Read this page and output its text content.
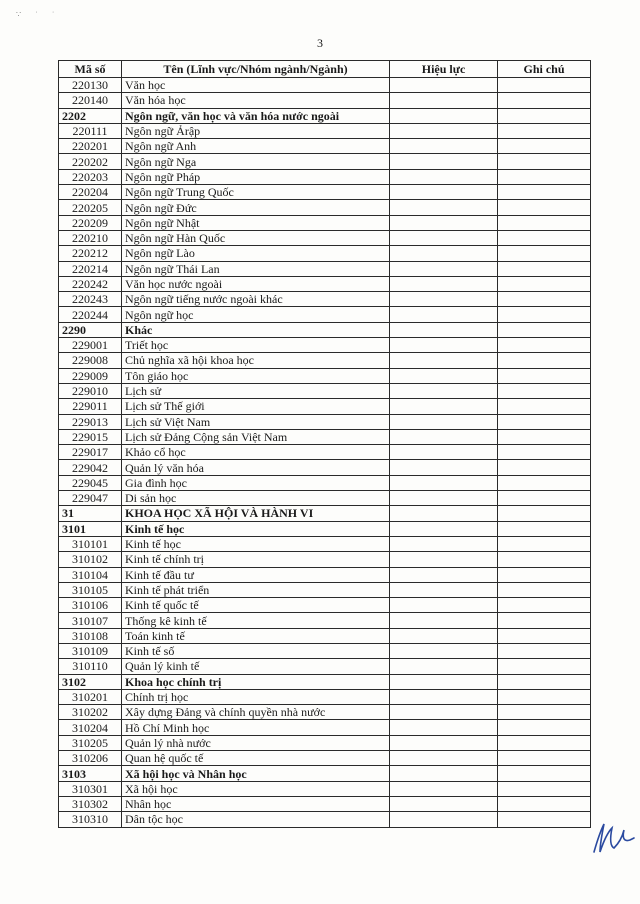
∵ ˙ ˙
3
Mã số	Tên (Lĩnh vực/Nhóm ngành/Ngành)	Hiệu lực	Ghi chú
220130	Văn học		
220140	Văn hóa học		
2202	Ngôn ngữ, văn học và văn hóa nước ngoài		
220111	Ngôn ngữ Ảrập		
220201	Ngôn ngữ Anh		
220202	Ngôn ngữ Nga		
220203	Ngôn ngữ Pháp		
220204	Ngôn ngữ Trung Quốc		
220205	Ngôn ngữ Đức		
220209	Ngôn ngữ Nhật		
220210	Ngôn ngữ Hàn Quốc		
220212	Ngôn ngữ Lào		
220214	Ngôn ngữ Thái Lan		
220242	Văn học nước ngoài		
220243	Ngôn ngữ tiếng nước ngoài khác		
220244	Ngôn ngữ học		
2290	Khác		
229001	Triết học		
229008	Chủ nghĩa xã hội khoa học		
229009	Tôn giáo học		
229010	Lịch sử		
229011	Lịch sử Thế giới		
229013	Lịch sử Việt Nam		
229015	Lịch sử Đảng Cộng sản Việt Nam		
229017	Khảo cổ học		
229042	Quản lý văn hóa		
229045	Gia đình học		
229047	Di sản học		
31	KHOA HỌC XÃ HỘI VÀ HÀNH VI		
3101	Kinh tế học		
310101	Kinh tế học		
310102	Kinh tế chính trị		
310104	Kinh tế đầu tư		
310105	Kinh tế phát triển		
310106	Kinh tế quốc tế		
310107	Thống kê kinh tế		
310108	Toán kinh tế		
310109	Kinh tế số		
310110	Quản lý kinh tế		
3102	Khoa học chính trị		
310201	Chính trị học		
310202	Xây dựng Đảng và chính quyền nhà nước		
310204	Hồ Chí Minh học		
310205	Quản lý nhà nước		
310206	Quan hệ quốc tế		
3103	Xã hội học và Nhân học		
310301	Xã hội học		
310302	Nhân học		
310310	Dân tộc học		
